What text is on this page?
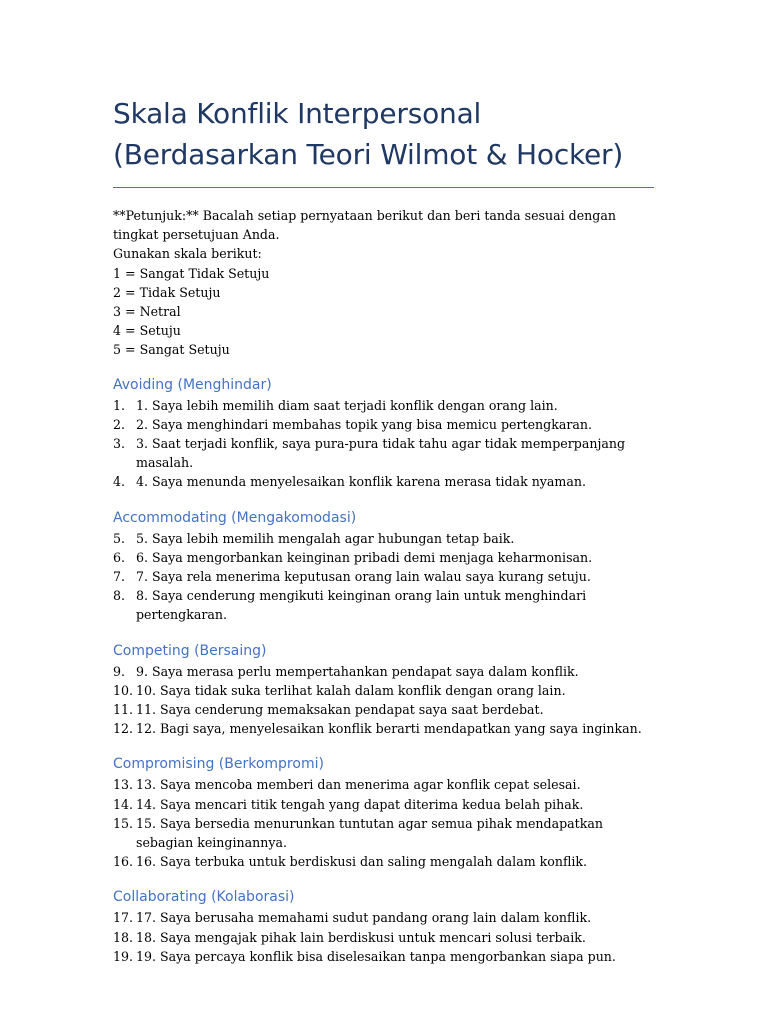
Skala Konflik Interpersonal
(Berdasarkan Teori Wilmot & Hocker)

**Petunjuk:** Bacalah setiap pernyataan berikut dan beri tanda sesuai dengan tingkat persetujuan Anda.

Gunakan skala berikut:

1 = Sangat Tidak Setuju

2 = Tidak Setuju

3 = Netral

4 = Setuju

5 = Sangat Setuju

Avoiding (Menghindar)
1. 1. Saya lebih memilih diam saat terjadi konflik dengan orang lain.
2. 2. Saya menghindari membahas topik yang bisa memicu pertengkaran.
3. 3. Saat terjadi konflik, saya pura-pura tidak tahu agar tidak memperpanjang masalah.
4. 4. Saya menunda menyelesaikan konflik karena merasa tidak nyaman.
Accommodating (Mengakomodasi)
5. 5. Saya lebih memilih mengalah agar hubungan tetap baik.
6. 6. Saya mengorbankan keinginan pribadi demi menjaga keharmonisan.
7. 7. Saya rela menerima keputusan orang lain walau saya kurang setuju.
8. 8. Saya cenderung mengikuti keinginan orang lain untuk menghindari pertengkaran.
Competing (Bersaing)
9. 9. Saya merasa perlu mempertahankan pendapat saya dalam konflik.
10. 10. Saya tidak suka terlihat kalah dalam konflik dengan orang lain.
11. 11. Saya cenderung memaksakan pendapat saya saat berdebat.
12. 12. Bagi saya, menyelesaikan konflik berarti mendapatkan yang saya inginkan.
Compromising (Berkompromi)
13. 13. Saya mencoba memberi dan menerima agar konflik cepat selesai.
14. 14. Saya mencari titik tengah yang dapat diterima kedua belah pihak.
15. 15. Saya bersedia menurunkan tuntutan agar semua pihak mendapatkan sebagian keinginannya.
16. 16. Saya terbuka untuk berdiskusi dan saling mengalah dalam konflik.
Collaborating (Kolaborasi)
17. 17. Saya berusaha memahami sudut pandang orang lain dalam konflik.
18. 18. Saya mengajak pihak lain berdiskusi untuk mencari solusi terbaik.
19. 19. Saya percaya konflik bisa diselesaikan tanpa mengorbankan siapa pun.
